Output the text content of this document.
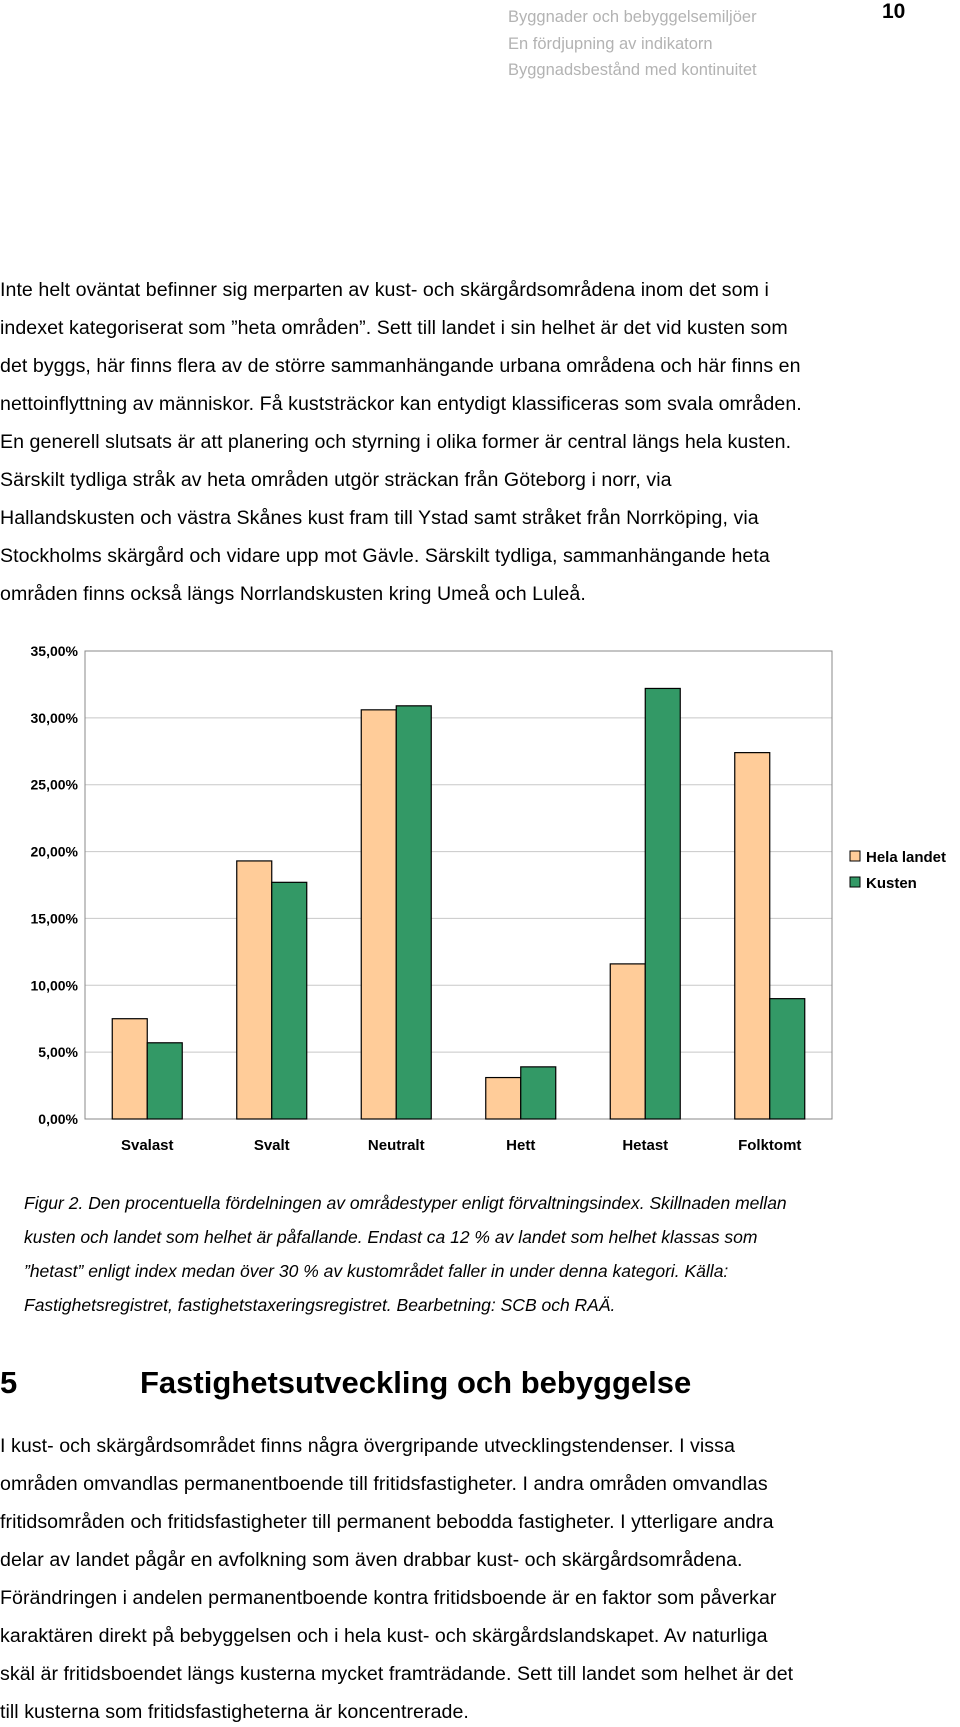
Byggnader och bebyggelsemiljöer
En fördjupning av indikatorn
Byggnadsbestånd med kontinuitet
10
Inte helt oväntat befinner sig merparten av kust- och skärgårdsområdena inom det som i
indexet kategoriserat som ”heta områden”. Sett till landet i sin helhet är det vid kusten som
det byggs, här finns flera av de större sammanhängande urbana områdena och här finns en
nettoinflyttning av människor. Få kuststräckor kan entydigt klassificeras som svala områden.
En generell slutsats är att planering och styrning i olika former är central längs hela kusten.
Särskilt tydliga stråk av heta områden utgör sträckan från Göteborg i norr, via
Hallandskusten och västra Skånes kust fram till Ystad samt stråket från Norrköping, via
Stockholms skärgård och vidare upp mot Gävle. Särskilt tydliga, sammanhängande heta
områden finns också längs Norrlandskusten kring Umeå och Luleå.
0,00%
5,00%
10,00%
15,00%
20,00%
25,00%
30,00%
35,00%
Svalast	Svalt	Neutralt	Hett	Hetast	Folktomt
Hela landet
Kusten
Figur 2. Den procentuella fördelningen av områdestyper enligt förvaltningsindex. Skillnaden mellan
kusten och landet som helhet är påfallande. Endast ca 12 % av landet som helhet klassas som
”hetast” enligt index medan över 30 % av kustområdet faller in under denna kategori. Källa:
Fastighetsregistret, fastighetstaxeringsregistret. Bearbetning: SCB och RAÄ.
5	Fastighetsutveckling och bebyggelse
I kust- och skärgårdsområdet finns några övergripande utvecklingstendenser. I vissa
områden omvandlas permanentboende till fritidsfastigheter. I andra områden omvandlas
fritidsområden och fritidsfastigheter till permanent bebodda fastigheter. I ytterligare andra
delar av landet pågår en avfolkning som även drabbar kust- och skärgårdsområdena.
Förändringen i andelen permanentboende kontra fritidsboende är en faktor som påverkar
karaktären direkt på bebyggelsen och i hela kust- och skärgårdslandskapet. Av naturliga
skäl är fritidsboendet längs kusterna mycket framträdande. Sett till landet som helhet är det
till kusterna som fritidsfastigheterna är koncentrerade.
